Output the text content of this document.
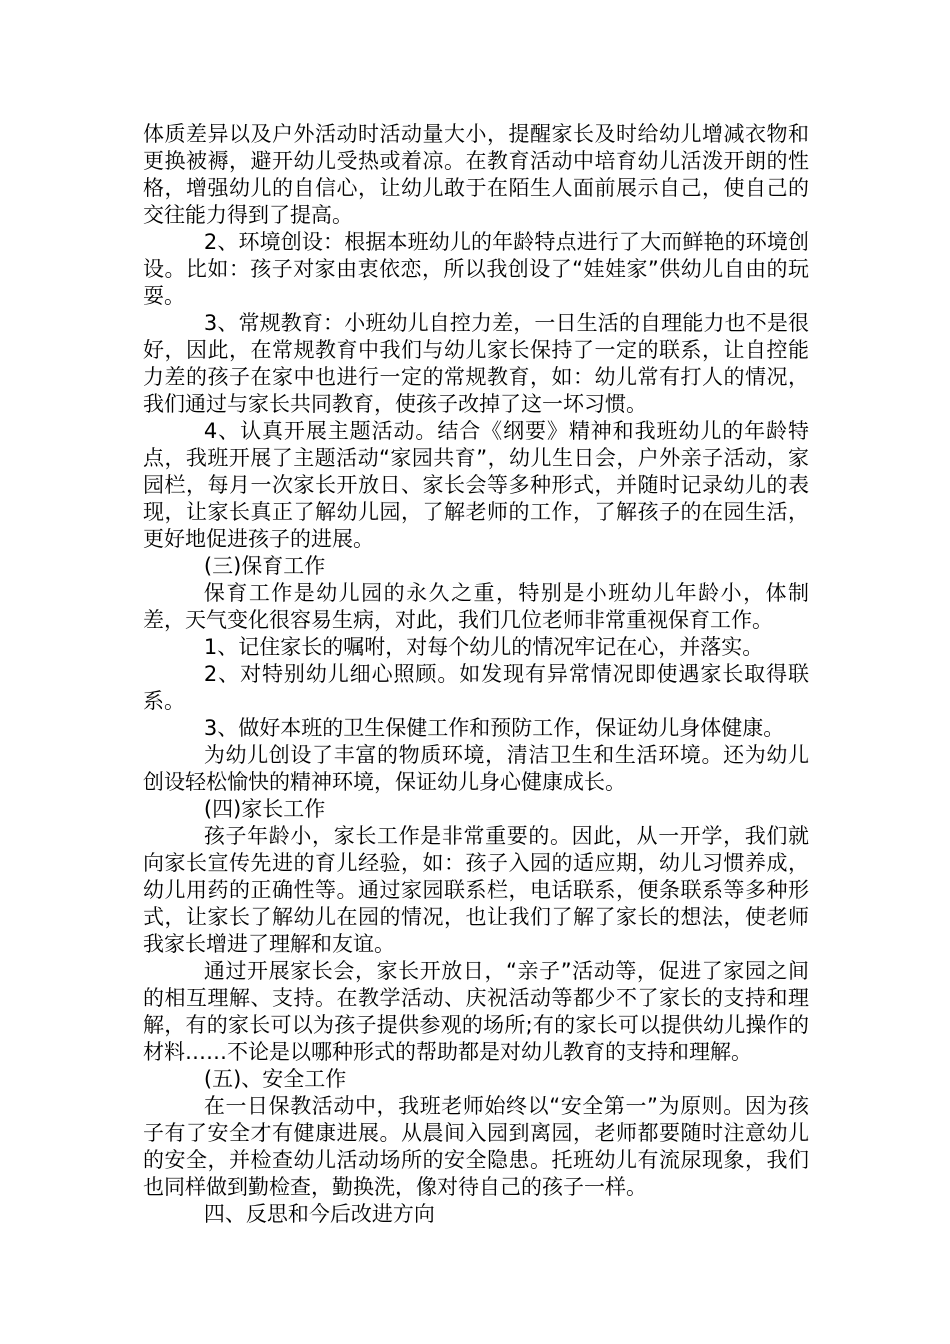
体质差异以及户外活动时活动量大小，提醒家长及时给幼儿增减衣物和更换被褥，避开幼儿受热或着凉。在教育活动中培育幼儿活泼开朗的性格，增强幼儿的自信心，让幼儿敢于在陌生人面前展示自己，使自己的交往能力得到了提高。

2、环境创设：根据本班幼儿的年龄特点进行了大而鲜艳的环境创设。比如：孩子对家由衷依恋，所以我创设了“娃娃家”供幼儿自由的玩耍。

3、常规教育：小班幼儿自控力差，一日生活的自理能力也不是很好，因此，在常规教育中我们与幼儿家长保持了一定的联系，让自控能力差的孩子在家中也进行一定的常规教育，如：幼儿常有打人的情况，我们通过与家长共同教育，使孩子改掉了这一坏习惯。

4、认真开展主题活动。结合《纲要》精神和我班幼儿的年龄特点，我班开展了主题活动“家园共育”，幼儿生日会，户外亲子活动，家园栏，每月一次家长开放日、家长会等多种形式，并随时记录幼儿的表现，让家长真正了解幼儿园，了解老师的工作，了解孩子的在园生活，更好地促进孩子的进展。

(三)保育工作

保育工作是幼儿园的永久之重，特别是小班幼儿年龄小，体制差，天气变化很容易生病，对此，我们几位老师非常重视保育工作。

1、记住家长的嘱咐，对每个幼儿的情况牢记在心，并落实。

2、对特别幼儿细心照顾。如发现有异常情况即使遇家长取得联系。

3、做好本班的卫生保健工作和预防工作，保证幼儿身体健康。

为幼儿创设了丰富的物质环境，清洁卫生和生活环境。还为幼儿创设轻松愉快的精神环境，保证幼儿身心健康成长。

(四)家长工作

孩子年龄小，家长工作是非常重要的。因此，从一开学，我们就向家长宣传先进的育儿经验，如：孩子入园的适应期，幼儿习惯养成，幼儿用药的正确性等。通过家园联系栏，电话联系，便条联系等多种形式，让家长了解幼儿在园的情况，也让我们了解了家长的想法，使老师我家长增进了理解和友谊。

通过开展家长会，家长开放日，“亲子”活动等，促进了家园之间的相互理解、支持。在教学活动、庆祝活动等都少不了家长的支持和理解，有的家长可以为孩子提供参观的场所;有的家长可以提供幼儿操作的材料……不论是以哪种形式的帮助都是对幼儿教育的支持和理解。

(五)、安全工作

在一日保教活动中，我班老师始终以“安全第一”为原则。因为孩子有了安全才有健康进展。从晨间入园到离园，老师都要随时注意幼儿的安全，并检查幼儿活动场所的安全隐患。托班幼儿有流尿现象，我们也同样做到勤检查，勤换洗，像对待自己的孩子一样。

四、反思和今后改进方向
